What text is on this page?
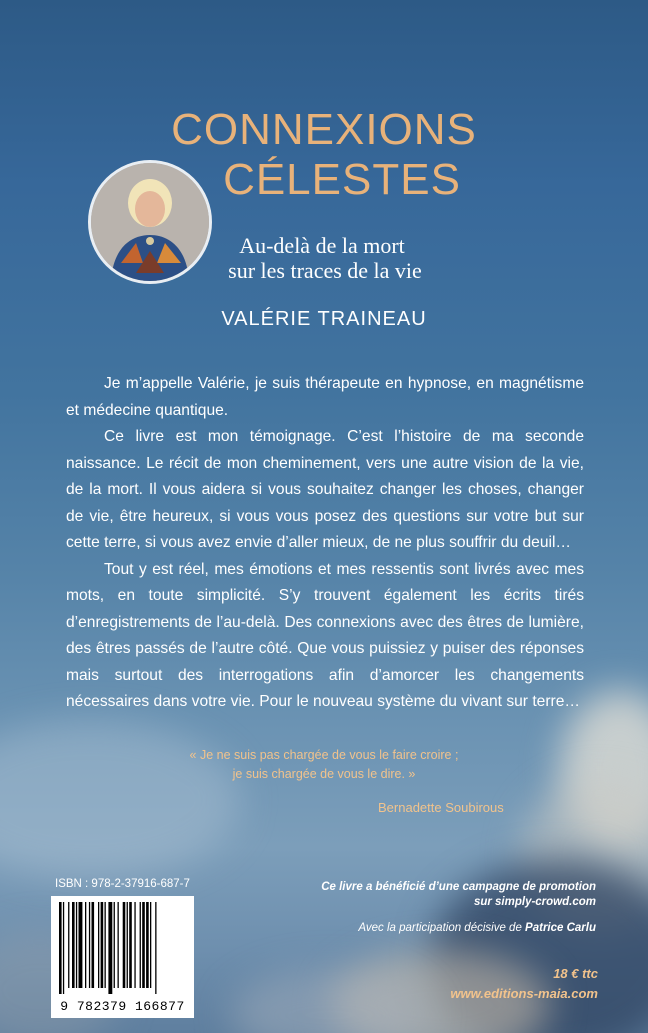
CONNEXIONS
CÉLESTES
Au-delà de la mort
sur les traces de la vie
VALÉRIE TRAINEAU

Je m’appelle Valérie, je suis thérapeute en hypnose, en magnétisme et médecine quantique.

Ce livre est mon témoignage. C’est l’histoire de ma seconde naissance. Le récit de mon cheminement, vers une autre vision de la vie, de la mort. Il vous aidera si vous souhaitez changer les choses, changer de vie, être heureux, si vous vous posez des questions sur votre but sur cette terre, si vous avez envie d’aller mieux, de ne plus souffrir du deuil…

Tout y est réel, mes émotions et mes ressentis sont livrés avec mes mots, en toute simplicité. S’y trouvent également les écrits tirés d’enregistrements de l’au-delà. Des connexions avec des êtres de lumière, des êtres passés de l’autre côté. Que vous puissiez y puiser des réponses mais surtout des interrogations afin d’amorcer les changements nécessaires dans votre vie. Pour le nouveau système du vivant sur terre…

« Je ne suis pas chargée de vous le faire croire ;
je suis chargée de vous le dire. »
Bernadette Soubirous
ISBN : 978-2-37916-687-7
9 782379 166877
Ce livre a bénéficié d’une campagne de promotion
sur simply-crowd.com
Avec la participation décisive de Patrice Carlu
18 € ttc
www.editions-maia.com
